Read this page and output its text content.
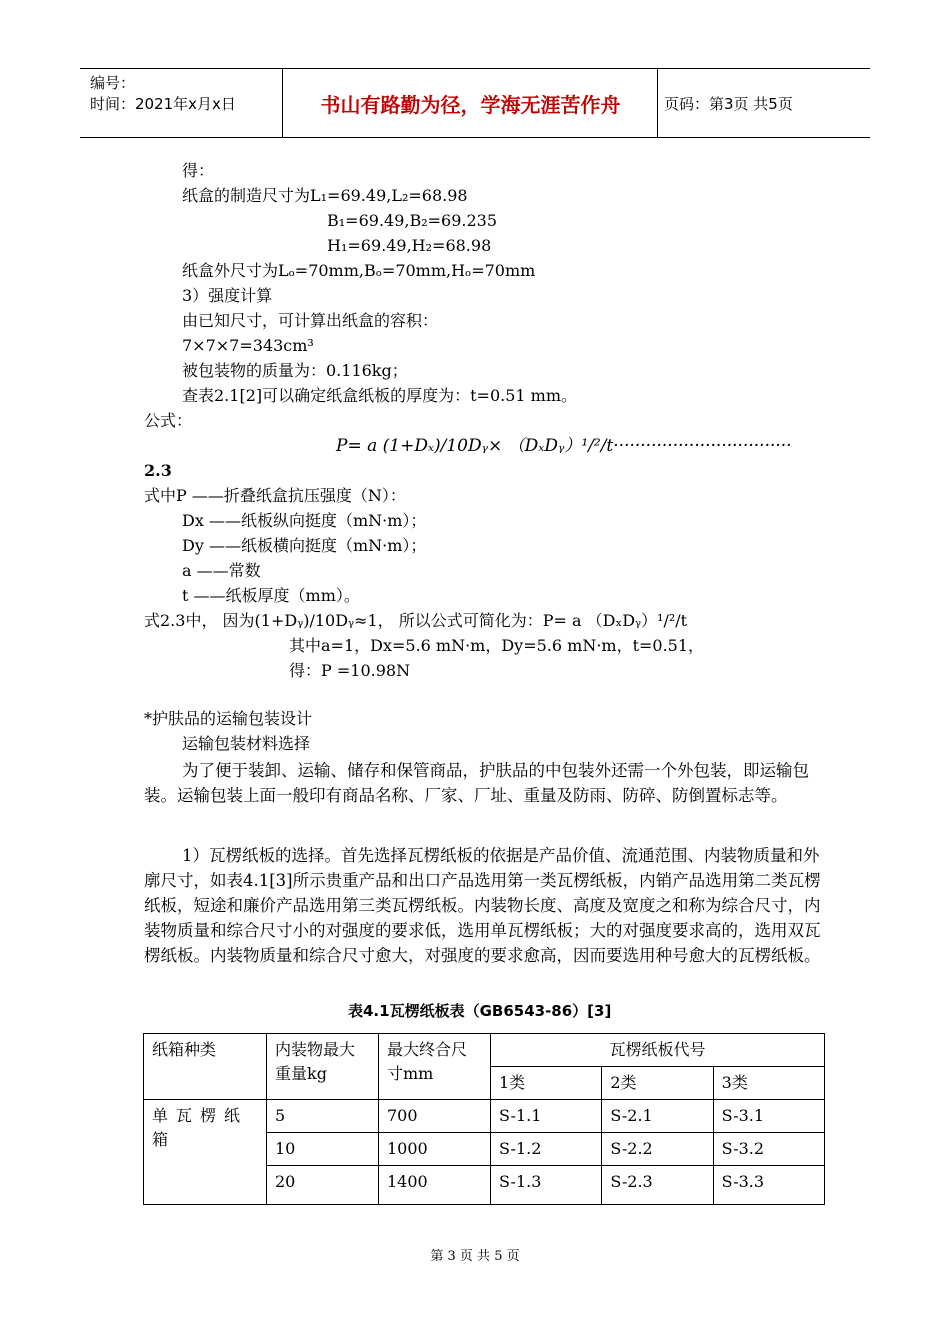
编号：
时间：2021年x月x日	书山有路勤为径，学海无涯苦作舟	页码：第3页 共5页
得：
纸盒的制造尺寸为L₁=69.49,L₂=68.98
B₁=69.49,B₂=69.235
H₁=69.49,H₂=68.98
纸盒外尺寸为Lₒ=70mm,Bₒ=70mm,Hₒ=70mm
3）强度计算
由已知尺寸，可计算出纸盒的容积：
7×7×7=343cm³
被包装物的质量为：0.116kg；
查表2.1[2]可以确定纸盒纸板的厚度为：t=0.51 mm。
公式：
P= a (1+Dₓ)/10Dᵧ× （DₓDᵧ）¹/²/t·································
2.3
式中P ——折叠纸盒抗压强度（N）：
Dx ——纸板纵向挺度（mN·m）；
Dy ——纸板横向挺度（mN·m）；
a ——常数
t ——纸板厚度（mm）。
式2.3中， 因为(1+Dᵧ)/10Dᵧ≈1， 所以公式可简化为：P= a （DₓDᵧ）¹/²/t
其中a=1，Dx=5.6 mN·m，Dy=5.6 mN·m，t=0.51，
得：P =10.98N
*护肤品的运输包装设计
运输包装材料选择
为了便于装卸、运输、储存和保管商品，护肤品的中包装外还需一个外包装，即运输包装。运输包装上面一般印有商品名称、厂家、厂址、重量及防雨、防碎、防倒置标志等。
1）瓦楞纸板的选择。首先选择瓦楞纸板的依据是产品价值、流通范围、内装物质量和外廓尺寸，如表4.1[3]所示贵重产品和出口产品选用第一类瓦楞纸板，内销产品选用第二类瓦楞纸板，短途和廉价产品选用第三类瓦楞纸板。内装物长度、高度及宽度之和称为综合尺寸，内装物质量和综合尺寸小的对强度的要求低，选用单瓦楞纸板；大的对强度要求高的，选用双瓦楞纸板。内装物质量和综合尺寸愈大，对强度的要求愈高，因而要选用种号愈大的瓦楞纸板。
表4.1瓦楞纸板表（GB6543-86）[3]
纸箱种类	内装物最大重量kg	最大终合尺寸mm	瓦楞纸板代号		
			1类	2类	3类
单瓦楞纸箱	5	700	S-1.1	S-2.1	S-3.1
	10	1000	S-1.2	S-2.2	S-3.2
	20	1400	S-1.3	S-2.3	S-3.3
第 3 页 共 5 页
